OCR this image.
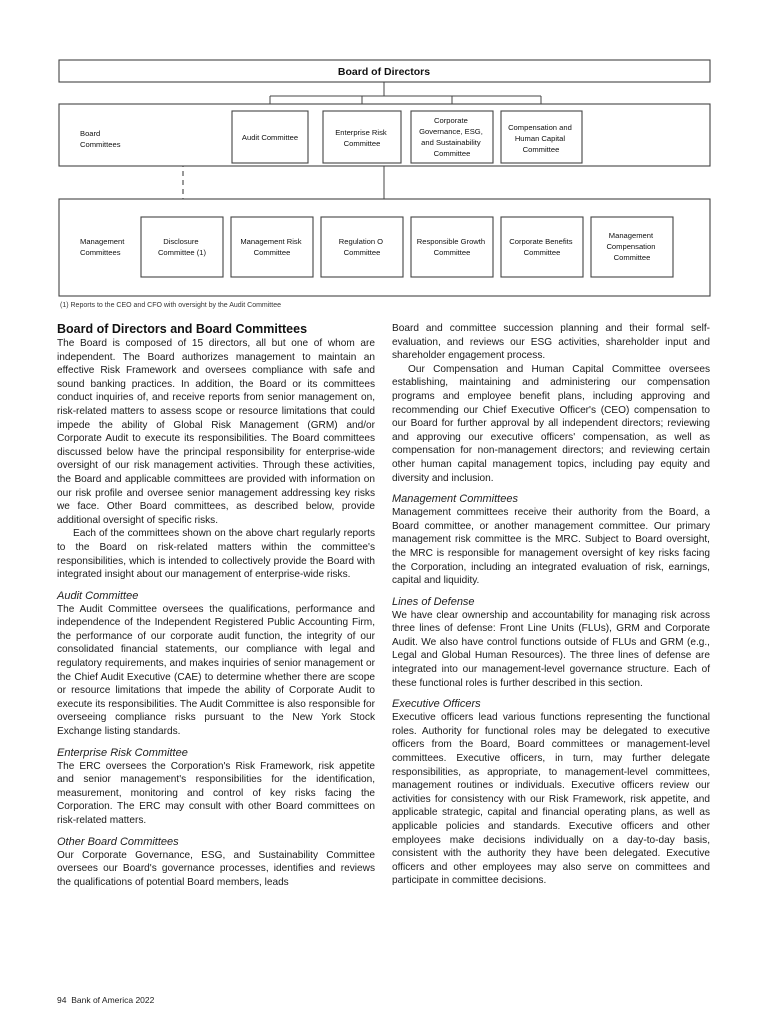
Board of Directors
Board Committees
Audit Committee
Enterprise Risk Committee
Corporate Governance, ESG, and Sustainability Committee
Compensation and Human Capital Committee
Management Committees
Disclosure Committee (1)
Management Risk Committee
Regulation O Committee
Responsible Growth Committee
Corporate Benefits Committee
Management Compensation Committee
(1) Reports to the CEO and CFO with oversight by the Audit Committee
Board of Directors and Board Committees

The Board is composed of 15 directors, all but one of whom are independent. The Board authorizes management to maintain an effective Risk Framework and oversees compliance with safe and sound banking practices. In addition, the Board or its committees conduct inquiries of, and receive reports from senior management on, risk-related matters to assess scope or resource limitations that could impede the ability of Global Risk Management (GRM) and/or Corporate Audit to execute its responsibilities. The Board committees discussed below have the principal responsibility for enterprise-wide oversight of our risk management activities. Through these activities, the Board and applicable committees are provided with information on our risk profile and oversee senior management addressing key risks we face. Other Board committees, as described below, provide additional oversight of specific risks.

Each of the committees shown on the above chart regularly reports to the Board on risk-related matters within the committee's responsibilities, which is intended to collectively provide the Board with integrated insight about our management of enterprise-wide risks.

Audit Committee

The Audit Committee oversees the qualifications, performance and independence of the Independent Registered Public Accounting Firm, the performance of our corporate audit function, the integrity of our consolidated financial statements, our compliance with legal and regulatory requirements, and makes inquiries of senior management or the Chief Audit Executive (CAE) to determine whether there are scope or resource limitations that impede the ability of Corporate Audit to execute its responsibilities. The Audit Committee is also responsible for overseeing compliance risks pursuant to the New York Stock Exchange listing standards.

Enterprise Risk Committee

The ERC oversees the Corporation's Risk Framework, risk appetite and senior management's responsibilities for the identification, measurement, monitoring and control of key risks facing the Corporation. The ERC may consult with other Board committees on risk-related matters.

Other Board Committees

Our Corporate Governance, ESG, and Sustainability Committee oversees our Board's governance processes, identifies and reviews the qualifications of potential Board members, leads

Board and committee succession planning and their formal self-evaluation, and reviews our ESG activities, shareholder input and shareholder engagement process.

Our Compensation and Human Capital Committee oversees establishing, maintaining and administering our compensation programs and employee benefit plans, including approving and recommending our Chief Executive Officer's (CEO) compensation to our Board for further approval by all independent directors; reviewing and approving our executive officers' compensation, as well as compensation for non-management directors; and reviewing certain other human capital management topics, including pay equity and diversity and inclusion.

Management Committees

Management committees receive their authority from the Board, a Board committee, or another management committee. Our primary management risk committee is the MRC. Subject to Board oversight, the MRC is responsible for management oversight of key risks facing the Corporation, including an integrated evaluation of risk, earnings, capital and liquidity.

Lines of Defense

We have clear ownership and accountability for managing risk across three lines of defense: Front Line Units (FLUs), GRM and Corporate Audit. We also have control functions outside of FLUs and GRM (e.g., Legal and Global Human Resources). The three lines of defense are integrated into our management-level governance structure. Each of these functional roles is further described in this section.

Executive Officers

Executive officers lead various functions representing the functional roles. Authority for functional roles may be delegated to executive officers from the Board, Board committees or management-level committees. Executive officers, in turn, may further delegate responsibilities, as appropriate, to management-level committees, management routines or individuals. Executive officers review our activities for consistency with our Risk Framework, risk appetite, and applicable strategic, capital and financial operating plans, as well as applicable policies and standards. Executive officers and other employees make decisions individually on a day-to-day basis, consistent with the authority they have been delegated. Executive officers and other employees may also serve on committees and participate in committee decisions.

94 Bank of America 2022
